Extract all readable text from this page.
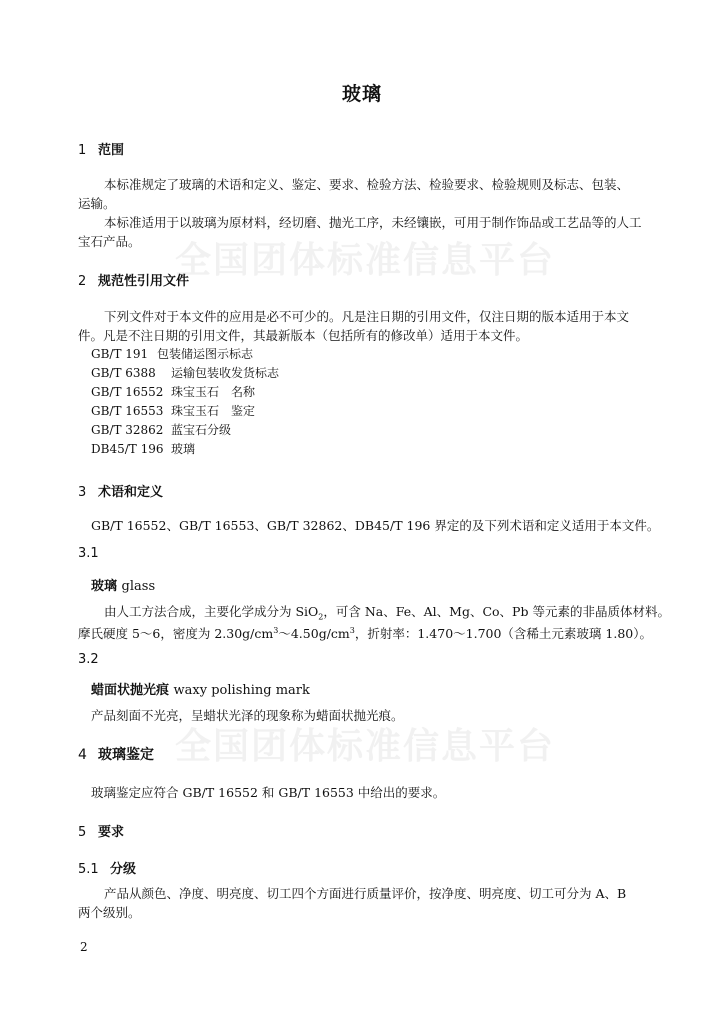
全国团体标准信息平台
全国团体标准信息平台
玻璃
1 范围
本标准规定了玻璃的术语和定义、鉴定、要求、检验方法、检验要求、检验规则及标志、包装、
运输。
本标准适用于以玻璃为原材料，经切磨、抛光工序，未经镶嵌，可用于制作饰品或工艺品等的人工
宝石产品。
2 规范性引用文件
下列文件对于本文件的应用是必不可少的。凡是注日期的引用文件，仅注日期的版本适用于本文
件。凡是不注日期的引用文件，其最新版本（包括所有的修改单）适用于本文件。
GB/T 191 包装储运图示标志
GB/T 6388 运输包装收发货标志
GB/T 16552 珠宝玉石　名称
GB/T 16553 珠宝玉石　鉴定
GB/T 32862 蓝宝石分级
DB45/T 196 玻璃
3 术语和定义
GB/T 16552、GB/T 16553、GB/T 32862、DB45/T 196 界定的及下列术语和定义适用于本文件。
3.1
玻璃 glass
由人工方法合成，主要化学成分为 SiO$_2$，可含 Na、Fe、Al、Mg、Co、Pb 等元素的非晶质体材料。
摩氏硬度 5～6，密度为 $2.30g/cm^3\sim 4.50g/cm^3$，折射率：1.470～1.700（含稀土元素玻璃 1.80）。
3.2
蜡面状抛光痕 waxy polishing mark
产品刻面不光亮，呈蜡状光泽的现象称为蜡面状抛光痕。
4 玻璃鉴定
玻璃鉴定应符合 GB/T 16552 和 GB/T 16553 中给出的要求。
5 要求
5.1 分级
产品从颜色、净度、明亮度、切工四个方面进行质量评价，按净度、明亮度、切工可分为 A、B
两个级别。
2
